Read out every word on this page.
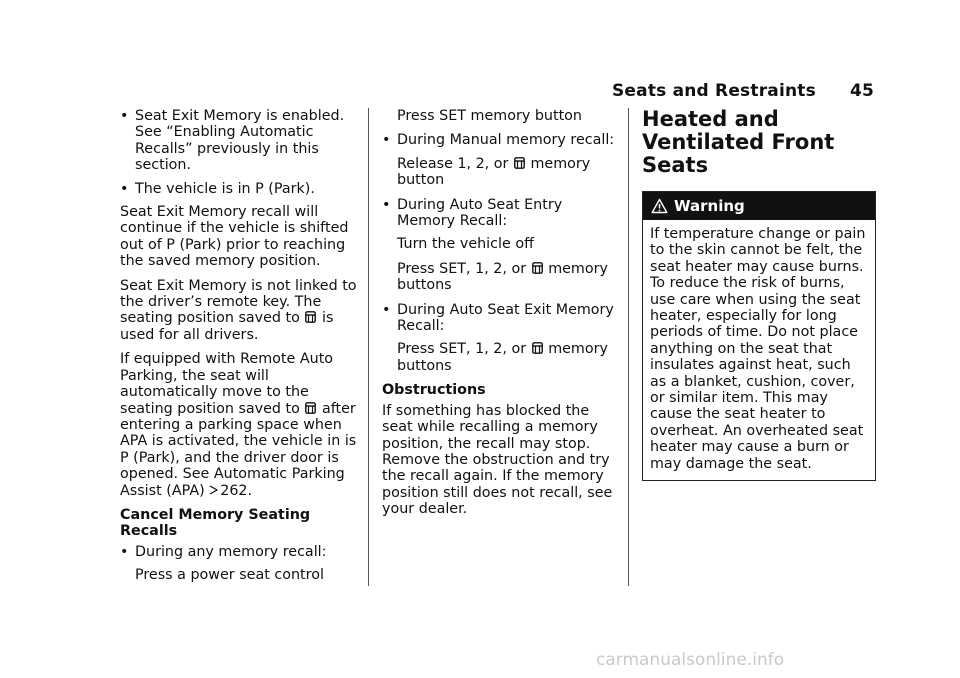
Seats and Restraints 45
• Seat Exit Memory is enabled. See “Enabling Automatic Recalls” previously in this section.
• The vehicle is in P (Park).

Seat Exit Memory recall will continue if the vehicle is shifted out of P (Park) prior to reaching the saved memory position.

Seat Exit Memory is not linked to the driver’s remote key. The seating position saved to is used for all drivers.

If equipped with Remote Auto Parking, the seat will automatically move to the seating position saved to after entering a parking space when APA is activated, the vehicle in is P (Park), and the driver door is opened. See Automatic Parking Assist (APA) 262.

Cancel Memory Seating Recalls

• During any memory recall:
Press a power seat control
Press SET memory button
• During Manual memory recall:
Release 1, 2, or memory button
• During Auto Seat Entry Memory Recall:
Turn the vehicle off
Press SET, 1, 2, or memory buttons
• During Auto Seat Exit Memory Recall:
Press SET, 1, 2, or memory buttons

Obstructions

If something has blocked the seat while recalling a memory position, the recall may stop. Remove the obstruction and try the recall again. If the memory position still does not recall, see your dealer.

Heated and Ventilated Front Seats
Warning
If temperature change or pain to the skin cannot be felt, the seat heater may cause burns. To reduce the risk of burns, use care when using the seat heater, especially for long periods of time. Do not place anything on the seat that insulates against heat, such as a blanket, cushion, cover, or similar item. This may cause the seat heater to overheat. An overheated seat heater may cause a burn or may damage the seat.
carmanualsonline.info
